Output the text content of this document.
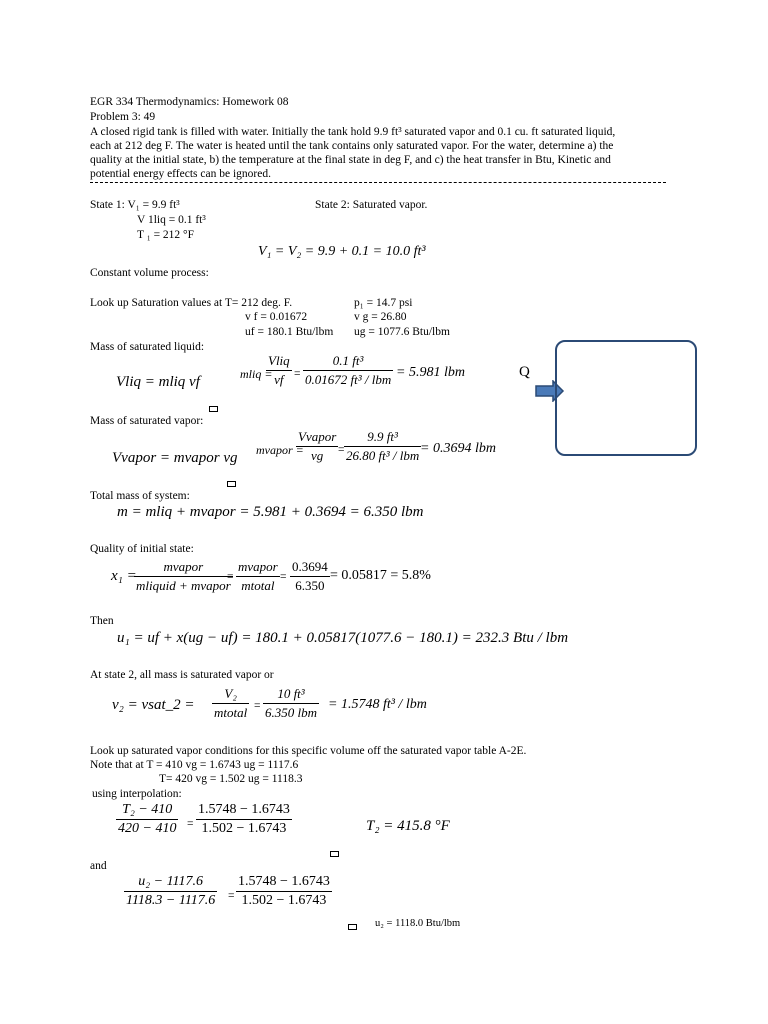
EGR 334 Thermodynamics: Homework 08
Problem 3: 49
A closed rigid tank is filled with water. Initially the tank hold 9.9 ft³ saturated vapor and 0.1 cu. ft saturated liquid,
each at 212 deg F. The water is heated until the tank contains only saturated vapor. For the water, determine a) the
quality at the initial state, b) the temperature at the final state in deg F, and c) the heat transfer in Btu, Kinetic and
potential energy effects can be ignored.
State 1: V₁ = 9.9 ft³	State 2: Saturated vapor.
V 1liq = 0.1 ft³
T ₁ = 212 °F
V₁ = V₂ = 9.9 + 0.1 = 10.0 ft³
Constant volume process:
Look up Saturation values at T= 212 deg. F.	p₁ = 14.7 psi
v f = 0.01672	v g = 26.80
uf = 180.1 Btu/lbm ug = 1077.6 Btu/lbm
Mass of saturated liquid:
Vliq = mliq vf	mliq =
Vliq
vf =
0.1 ft³
0.01672 ft³ / lbm = 5.981 lbm
Mass of saturated vapor:
Vvapor = mvapor vg mvapor =
Vvapor
vg	=
9.9 ft³
26.80 ft³ / lbm = 0.3694 lbm
Total mass of system:
m = mliq + mvapor = 5.981 + 0.3694 = 6.350 lbm
Quality of initial state:
x₁ =
mvapor
mliquid + mvapor
=
mvapor
mtotal
=
0.3694
6.350
= 0.05817 = 5.8%
Then
u₁ = uf + x(ug − uf) = 180.1 + 0.05817(1077.6 − 180.1) = 232.3 Btu / lbm
At state 2, all mass is saturated vapor or
v₂ = vsat_2 =
V₂
mtotal =
10 ft³
6.350 lbm
= 1.5748 ft³ / lbm
Look up saturated vapor conditions for this specific volume off the saturated vapor table A-2E.
Note that at T = 410 vg = 1.6743 ug = 1117.6
T= 420 vg = 1.502 ug = 1118.3
using interpolation:
T₂ − 410
420 − 410 =
1.5748 − 1.6743
1.502 − 1.6743	T₂ = 415.8 °F
and
u₂ − 1117.6
1118.3 − 1117.6 =
1.5748 − 1.6743
1.502 − 1.6743
u₂ = 1118.0 Btu/lbm
Q
